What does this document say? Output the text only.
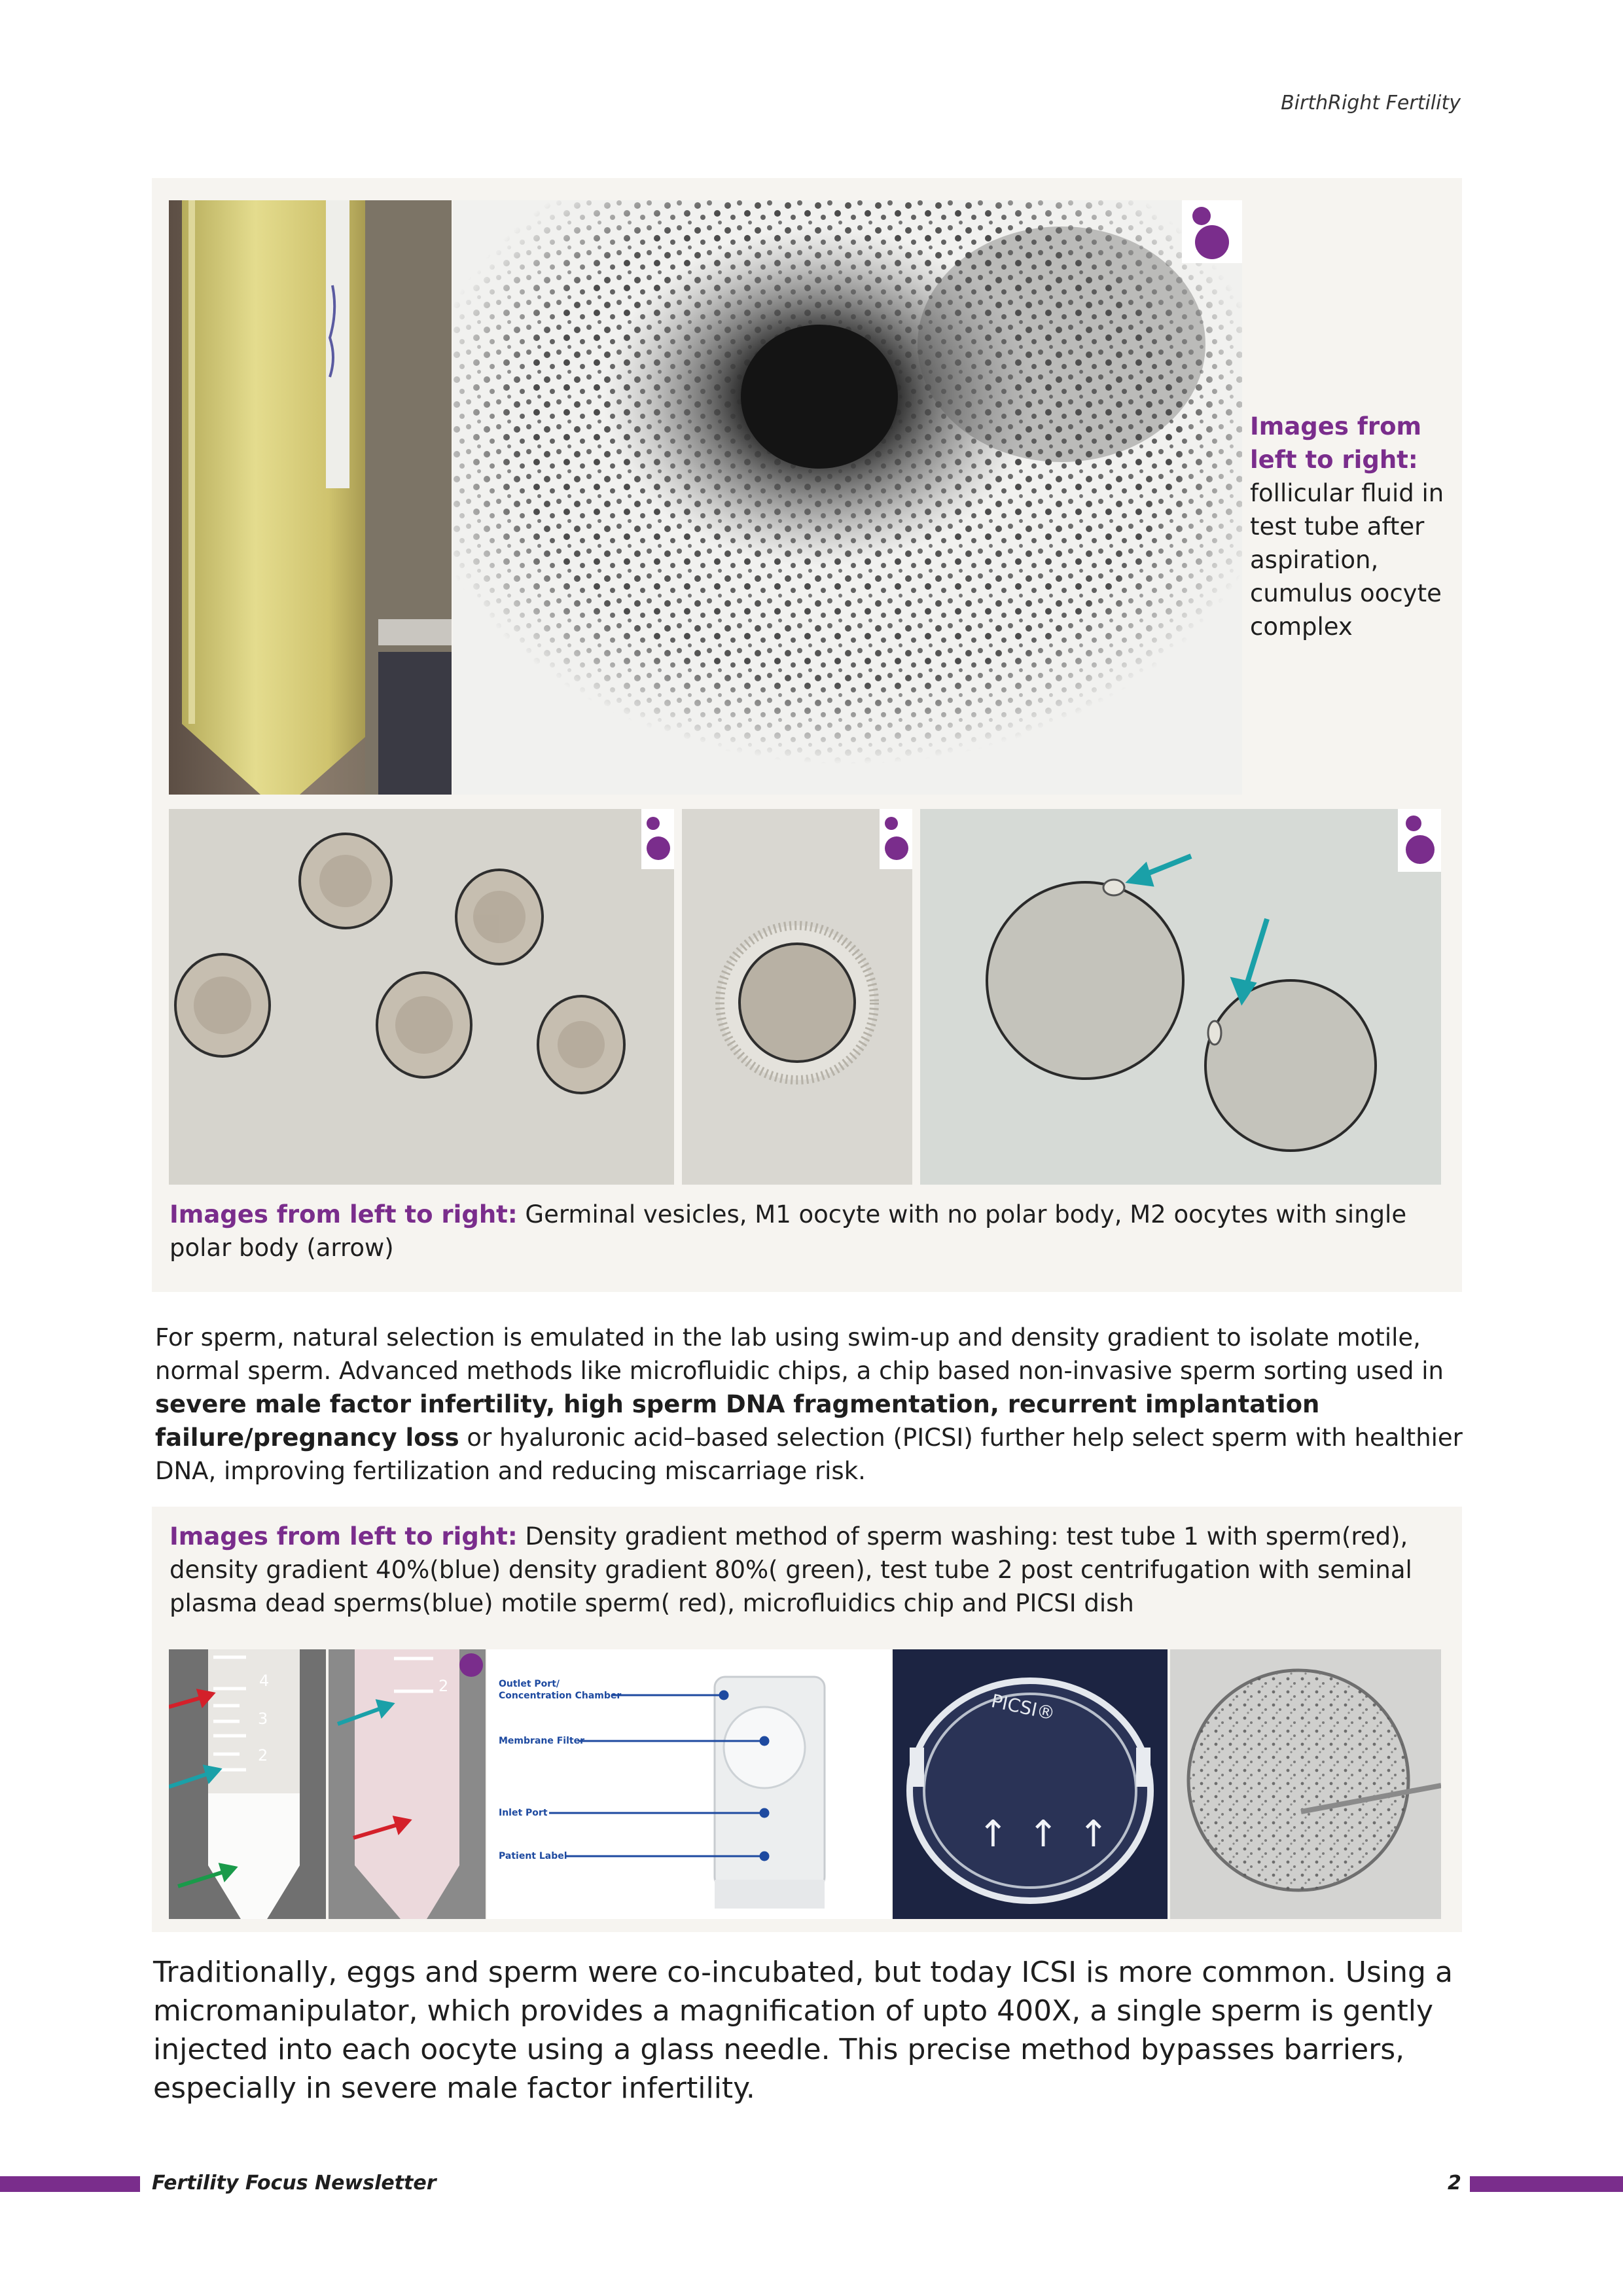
BirthRight Fertility
Images from left to right:
follicular fluid in test tube after aspiration, cumulus oocyte complex
Images from left to right: Germinal vesicles, M1 oocyte with no polar body, M2 oocytes with single polar body (arrow)
For sperm, natural selection is emulated in the lab using swim-up and density gradient to isolate motile, normal sperm. Advanced methods like microfluidic chips, a chip based non-invasive sperm sorting used in severe male factor infertility, high sperm DNA fragmentation, recurrent implantation failure/pregnancy loss or hyaluronic acid–based selection (PICSI) further help select sperm with healthier DNA, improving fertilization and reducing miscarriage risk.
Images from left to right: Density gradient method of sperm washing: test tube 1 with sperm(red), density gradient 40%(blue) density gradient 80%( green), test tube 2 post centrifugation with seminal plasma dead sperms(blue) motile sperm( red), microfluidics chip and PICSI dish
4
3
2
2	Outlet Port/
Concentration Chamber
Membrane Filter
Inlet Port
Patient Label
PICSI®
↑ ↑ ↑
Traditionally, eggs and sperm were co-incubated, but today ICSI is more common. Using a micromanipulator, which provides a magnification of upto 400X, a single sperm is gently injected into each oocyte using a glass needle. This precise method bypasses barriers, especially in severe male factor infertility.
Fertility Focus Newsletter	2
